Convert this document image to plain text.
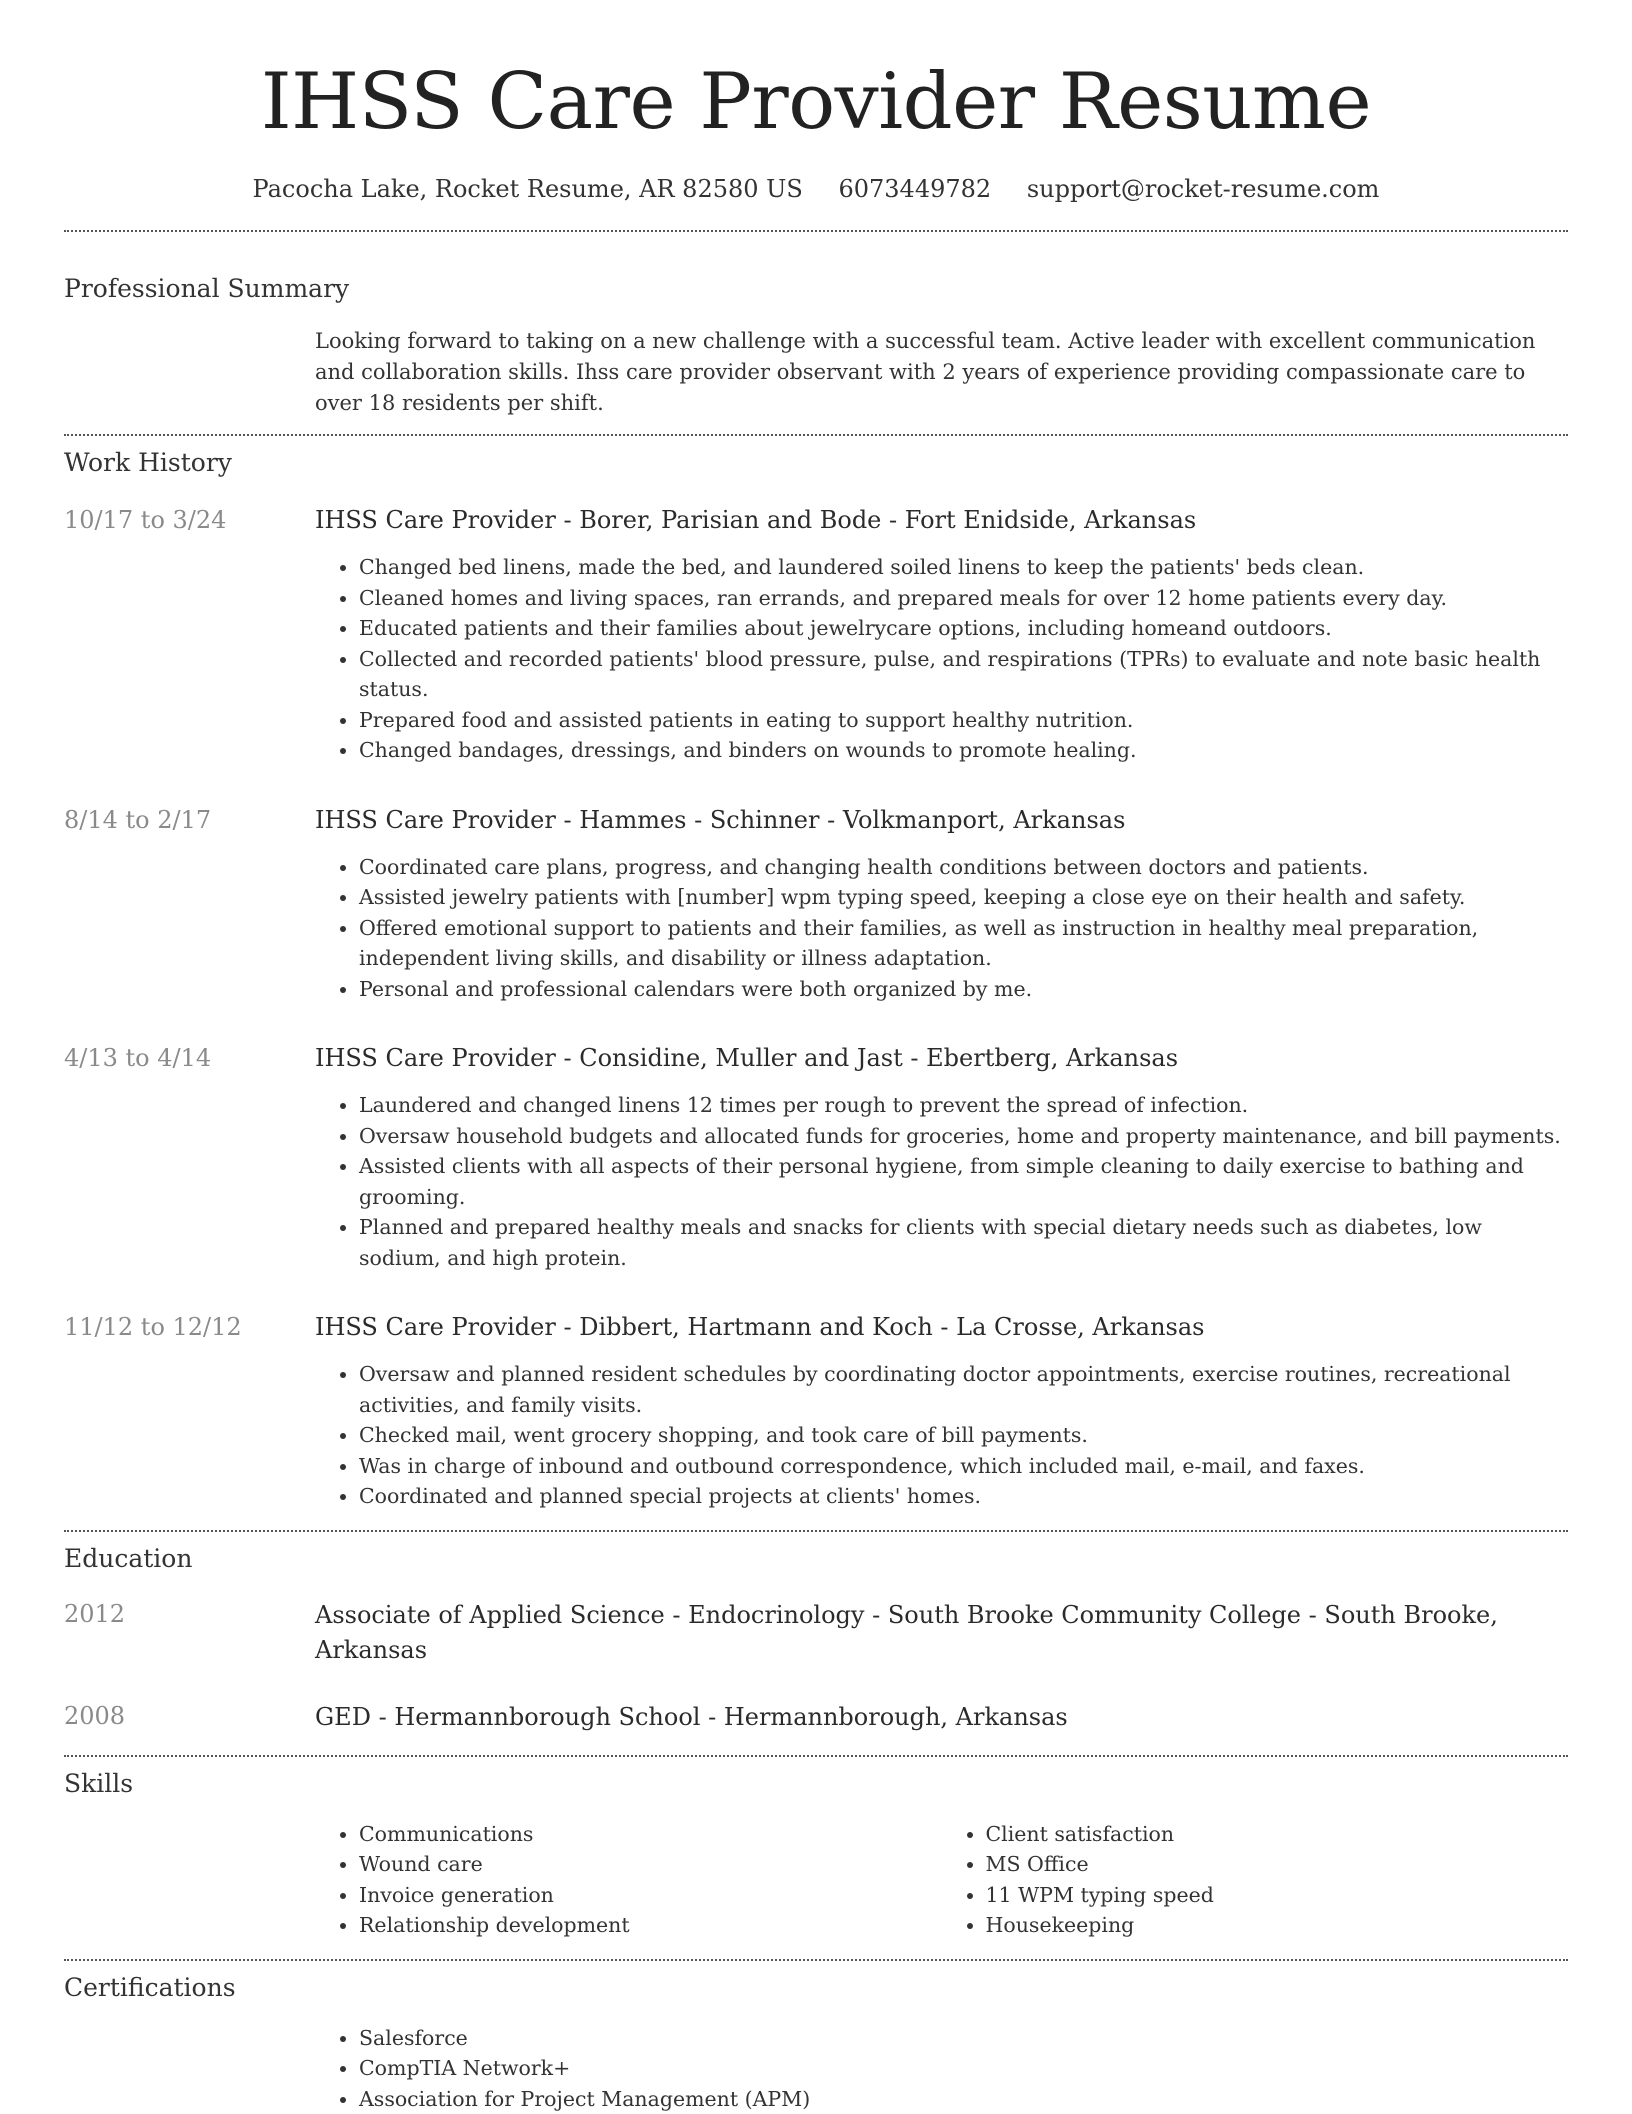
IHSS Care Provider Resume
Pacocha Lake, Rocket Resume, AR 82580 US 6073449782 support@rocket-resume.com
Professional Summary

Looking forward to taking on a new challenge with a successful team. Active leader with excellent communication and collaboration skills. Ihss care provider observant with 2 years of experience providing compassionate care to over 18 residents per shift.

Work History
10/17 to 3/24	IHSS Care Provider - Borer, Parisian and Bode - Fort Enidside, Arkansas
• Changed bed linens, made the bed, and laundered soiled linens to keep the patients' beds clean.
• Cleaned homes and living spaces, ran errands, and prepared meals for over 12 home patients every day.
• Educated patients and their families about jewelrycare options, including homeand outdoors.
• Collected and recorded patients' blood pressure, pulse, and respirations (TPRs) to evaluate and note basic health status.
• Prepared food and assisted patients in eating to support healthy nutrition.
• Changed bandages, dressings, and binders on wounds to promote healing.
8/14 to 2/17	IHSS Care Provider - Hammes - Schinner - Volkmanport, Arkansas
• Coordinated care plans, progress, and changing health conditions between doctors and patients.
• Assisted jewelry patients with [number] wpm typing speed, keeping a close eye on their health and safety.
• Offered emotional support to patients and their families, as well as instruction in healthy meal preparation, independent living skills, and disability or illness adaptation.
• Personal and professional calendars were both organized by me.
4/13 to 4/14	IHSS Care Provider - Considine, Muller and Jast - Ebertberg, Arkansas
• Laundered and changed linens 12 times per rough to prevent the spread of infection.
• Oversaw household budgets and allocated funds for groceries, home and property maintenance, and bill payments.
• Assisted clients with all aspects of their personal hygiene, from simple cleaning to daily exercise to bathing and grooming.
• Planned and prepared healthy meals and snacks for clients with special dietary needs such as diabetes, low sodium, and high protein.
11/12 to 12/12	IHSS Care Provider - Dibbert, Hartmann and Koch - La Crosse, Arkansas
• Oversaw and planned resident schedules by coordinating doctor appointments, exercise routines, recreational activities, and family visits.
• Checked mail, went grocery shopping, and took care of bill payments.
• Was in charge of inbound and outbound correspondence, which included mail, e-mail, and faxes.
• Coordinated and planned special projects at clients' homes.
Education
2012	Associate of Applied Science - Endocrinology - South Brooke Community College - South Brooke, Arkansas
2008	GED - Hermannborough School - Hermannborough, Arkansas
Skills
• Communications
• Wound care
• Invoice generation
• Relationship development
• Client satisfaction
• MS Office
• 11 WPM typing speed
• Housekeeping
Certifications
• Salesforce
• CompTIA Network+
• Association for Project Management (APM)
